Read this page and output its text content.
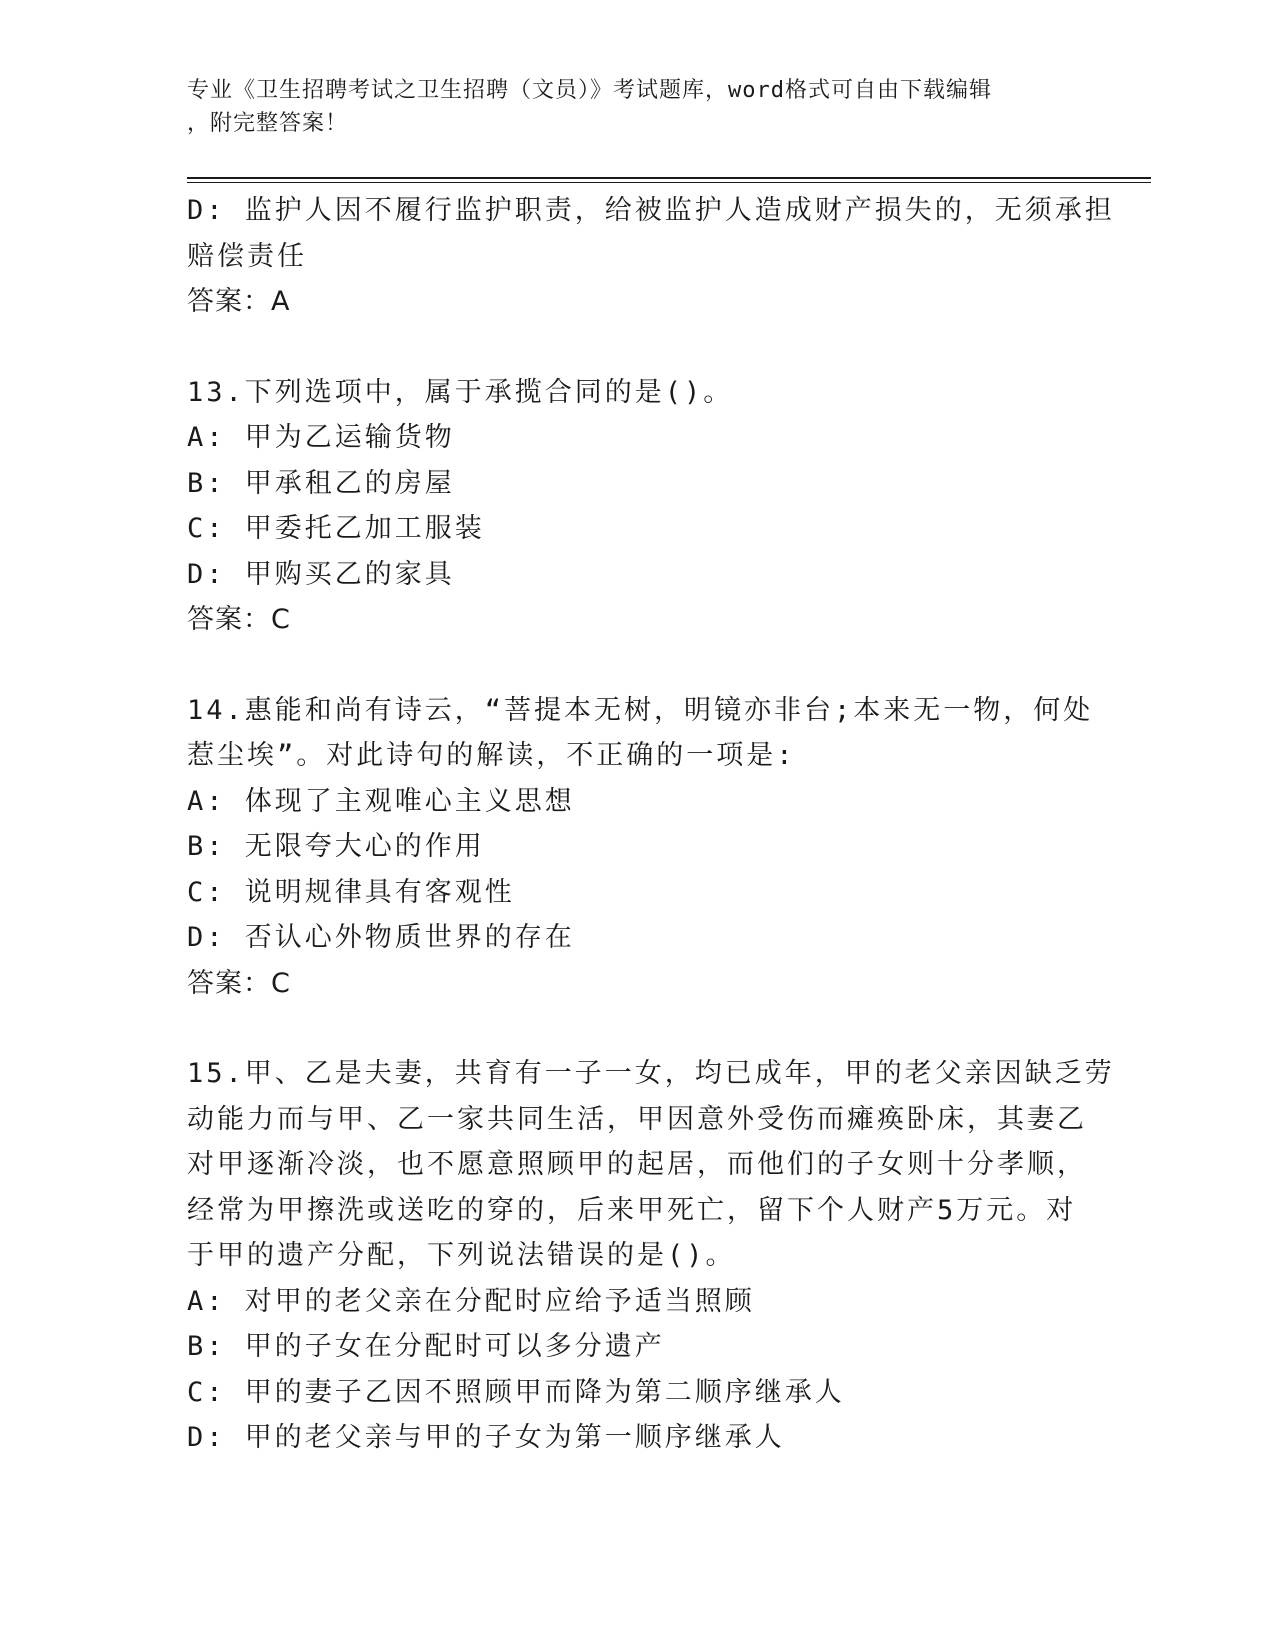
专业《卫生招聘考试之卫生招聘（文员）》考试题库，word格式可自由下载编辑
，附完整答案！
D: 监护人因不履行监护职责，给被监护人造成财产损失的，无须承担
赔偿责任
答案：A
13.下列选项中，属于承揽合同的是()。
A: 甲为乙运输货物
B: 甲承租乙的房屋
C: 甲委托乙加工服装
D: 甲购买乙的家具
答案：C
14.惠能和尚有诗云，“菩提本无树，明镜亦非台;本来无一物，何处
惹尘埃”。对此诗句的解读，不正确的一项是:
A: 体现了主观唯心主义思想
B: 无限夸大心的作用
C: 说明规律具有客观性
D: 否认心外物质世界的存在
答案：C
15.甲、乙是夫妻，共育有一子一女，均已成年，甲的老父亲因缺乏劳
动能力而与甲、乙一家共同生活，甲因意外受伤而瘫痪卧床，其妻乙
对甲逐渐冷淡，也不愿意照顾甲的起居，而他们的子女则十分孝顺，
经常为甲擦洗或送吃的穿的，后来甲死亡，留下个人财产5万元。对
于甲的遗产分配，下列说法错误的是()。
A: 对甲的老父亲在分配时应给予适当照顾
B: 甲的子女在分配时可以多分遗产
C: 甲的妻子乙因不照顾甲而降为第二顺序继承人
D: 甲的老父亲与甲的子女为第一顺序继承人
